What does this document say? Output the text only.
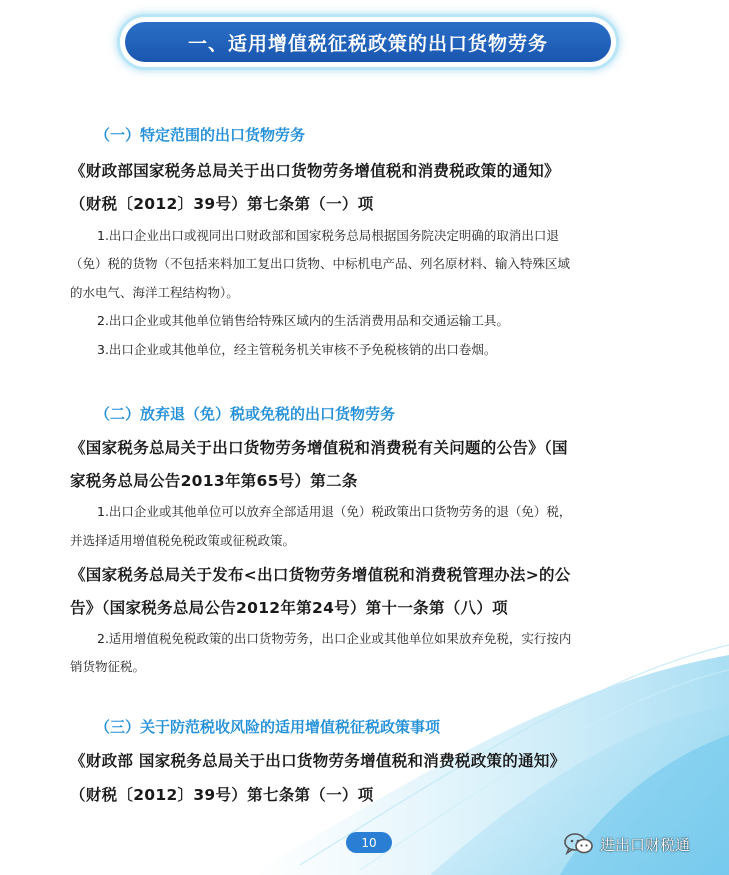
一、适用增值税征税政策的出口货物劳务
（一）特定范围的出口货物劳务
《财政部国家税务总局关于出口货物劳务增值税和消费税政策的通知》
（财税〔2012〕39号）第七条第（一）项
1.出口企业出口或视同出口财政部和国家税务总局根据国务院决定明确的取消出口退
（免）税的货物（不包括来料加工复出口货物、中标机电产品、列名原材料、输入特殊区域
的水电气、海洋工程结构物）。
2.出口企业或其他单位销售给特殊区域内的生活消费用品和交通运输工具。
3.出口企业或其他单位，经主管税务机关审核不予免税核销的出口卷烟。
（二）放弃退（免）税或免税的出口货物劳务
《国家税务总局关于出口货物劳务增值税和消费税有关问题的公告》（国
家税务总局公告2013年第65号）第二条
1.出口企业或其他单位可以放弃全部适用退（免）税政策出口货物劳务的退（免）税，
并选择适用增值税免税政策或征税政策。
《国家税务总局关于发布<出口货物劳务增值税和消费税管理办法>的公
告》（国家税务总局公告2012年第24号）第十一条第（八）项
2.适用增值税免税政策的出口货物劳务，出口企业或其他单位如果放弃免税，实行按内
销货物征税。
（三）关于防范税收风险的适用增值税征税政策事项
《财政部 国家税务总局关于出口货物劳务增值税和消费税政策的通知》
（财税〔2012〕39号）第七条第（一）项
10	进出口财税通
